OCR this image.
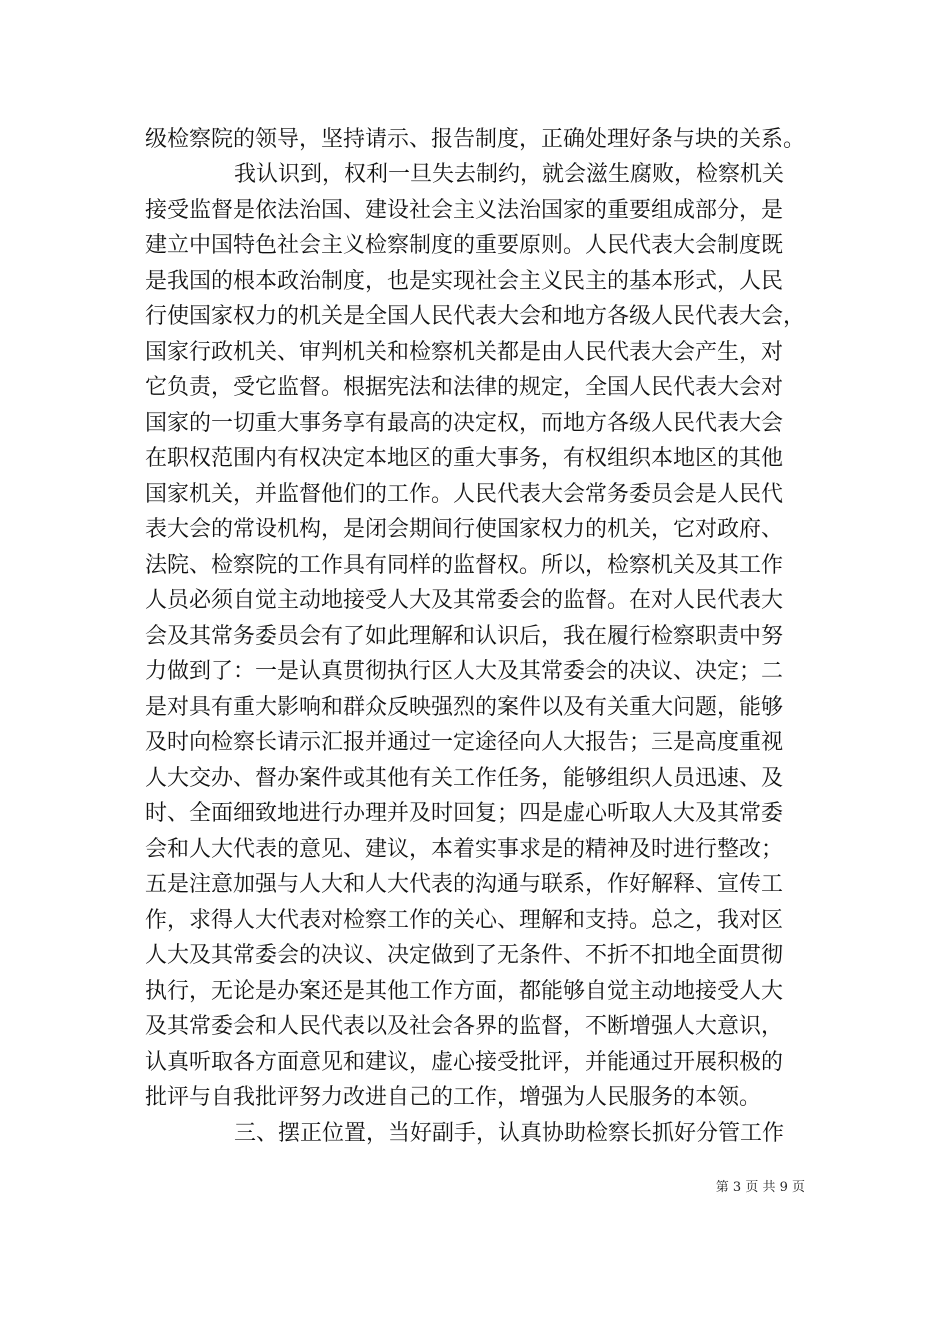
级检察院的领导，坚持请示、报告制度，正确处理好条与块的关系。
我认识到，权利一旦失去制约，就会滋生腐败，检察机关
接受监督是依法治国、建设社会主义法治国家的重要组成部分，是
建立中国特色社会主义检察制度的重要原则。人民代表大会制度既
是我国的根本政治制度，也是实现社会主义民主的基本形式，人民
行使国家权力的机关是全国人民代表大会和地方各级人民代表大会，
国家行政机关、审判机关和检察机关都是由人民代表大会产生，对
它负责，受它监督。根据宪法和法律的规定，全国人民代表大会对
国家的一切重大事务享有最高的决定权，而地方各级人民代表大会
在职权范围内有权决定本地区的重大事务，有权组织本地区的其他
国家机关，并监督他们的工作。人民代表大会常务委员会是人民代
表大会的常设机构，是闭会期间行使国家权力的机关，它对政府、
法院、检察院的工作具有同样的监督权。所以，检察机关及其工作
人员必须自觉主动地接受人大及其常委会的监督。在对人民代表大
会及其常务委员会有了如此理解和认识后，我在履行检察职责中努
力做到了：一是认真贯彻执行区人大及其常委会的决议、决定；二
是对具有重大影响和群众反映强烈的案件以及有关重大问题，能够
及时向检察长请示汇报并通过一定途径向人大报告；三是高度重视
人大交办、督办案件或其他有关工作任务，能够组织人员迅速、及
时、全面细致地进行办理并及时回复；四是虚心听取人大及其常委
会和人大代表的意见、建议，本着实事求是的精神及时进行整改；
五是注意加强与人大和人大代表的沟通与联系，作好解释、宣传工
作，求得人大代表对检察工作的关心、理解和支持。总之，我对区
人大及其常委会的决议、决定做到了无条件、不折不扣地全面贯彻
执行，无论是办案还是其他工作方面，都能够自觉主动地接受人大
及其常委会和人民代表以及社会各界的监督，不断增强人大意识，
认真听取各方面意见和建议，虚心接受批评，并能通过开展积极的
批评与自我批评努力改进自己的工作，增强为人民服务的本领。
三、摆正位置，当好副手，认真协助检察长抓好分管工作
第 3 页 共 9 页
